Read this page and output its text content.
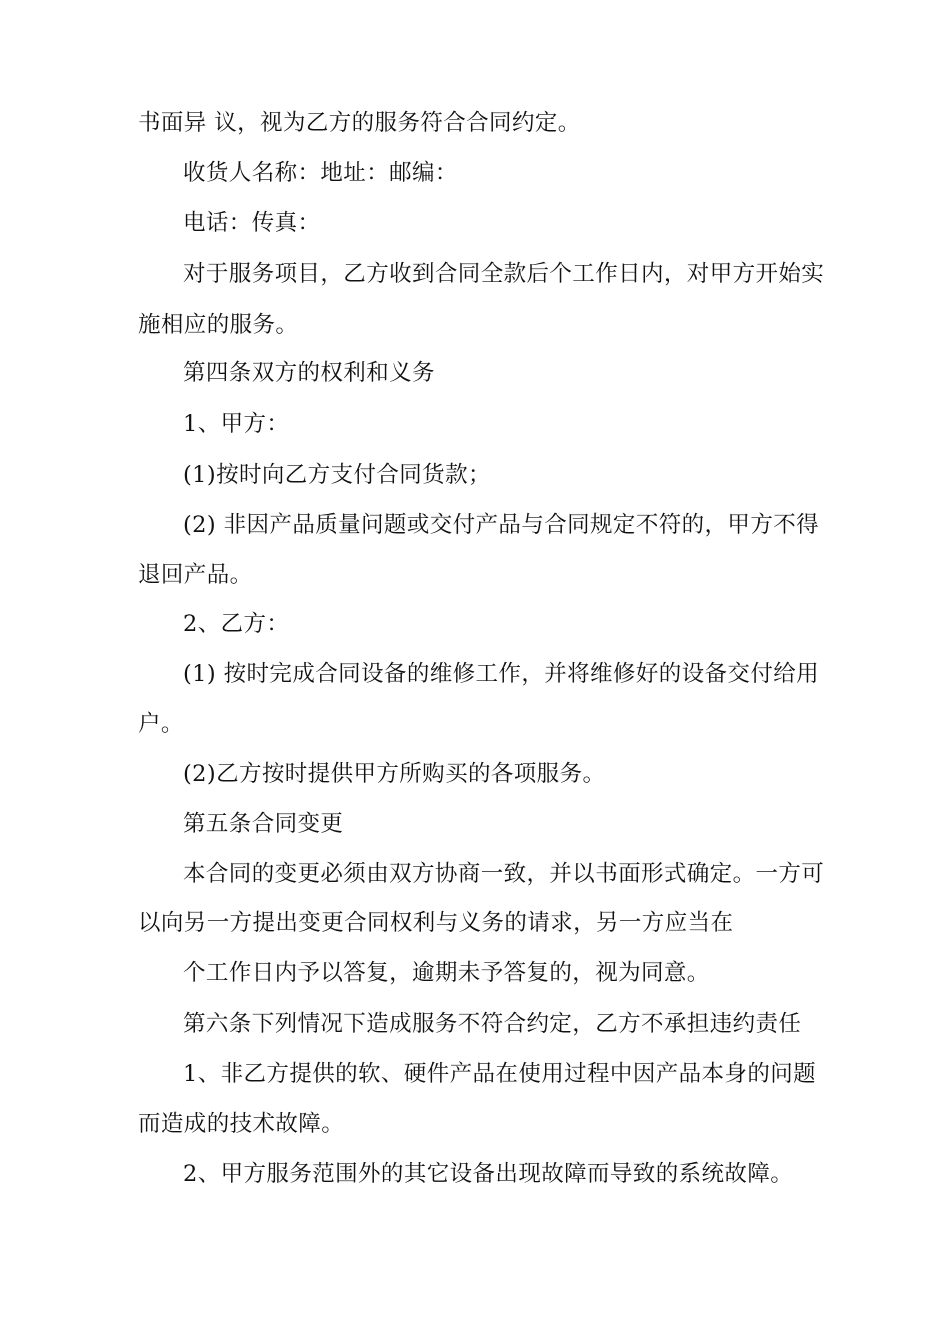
书面异 议，视为乙方的服务符合合同约定。
收货人名称：地址：邮编：
电话：传真：
对于服务项目，乙方收到合同全款后个工作日内，对甲方开始实
施相应的服务。
第四条双方的权利和义务
1、甲方：
(1)按时向乙方支付合同货款；
(2) 非因产品质量问题或交付产品与合同规定不符的，甲方不得
退回产品。
2、乙方：
(1) 按时完成合同设备的维修工作，并将维修好的设备交付给用
户。
(2)乙方按时提供甲方所购买的各项服务。
第五条合同变更
本合同的变更必须由双方协商一致，并以书面形式确定。一方可
以向另一方提出变更合同权利与义务的请求，另一方应当在
个工作日内予以答复，逾期未予答复的，视为同意。
第六条下列情况下造成服务不符合约定，乙方不承担违约责任
1、非乙方提供的软、硬件产品在使用过程中因产品本身的问题
而造成的技术故障。
2、甲方服务范围外的其它设备出现故障而导致的系统故障。
